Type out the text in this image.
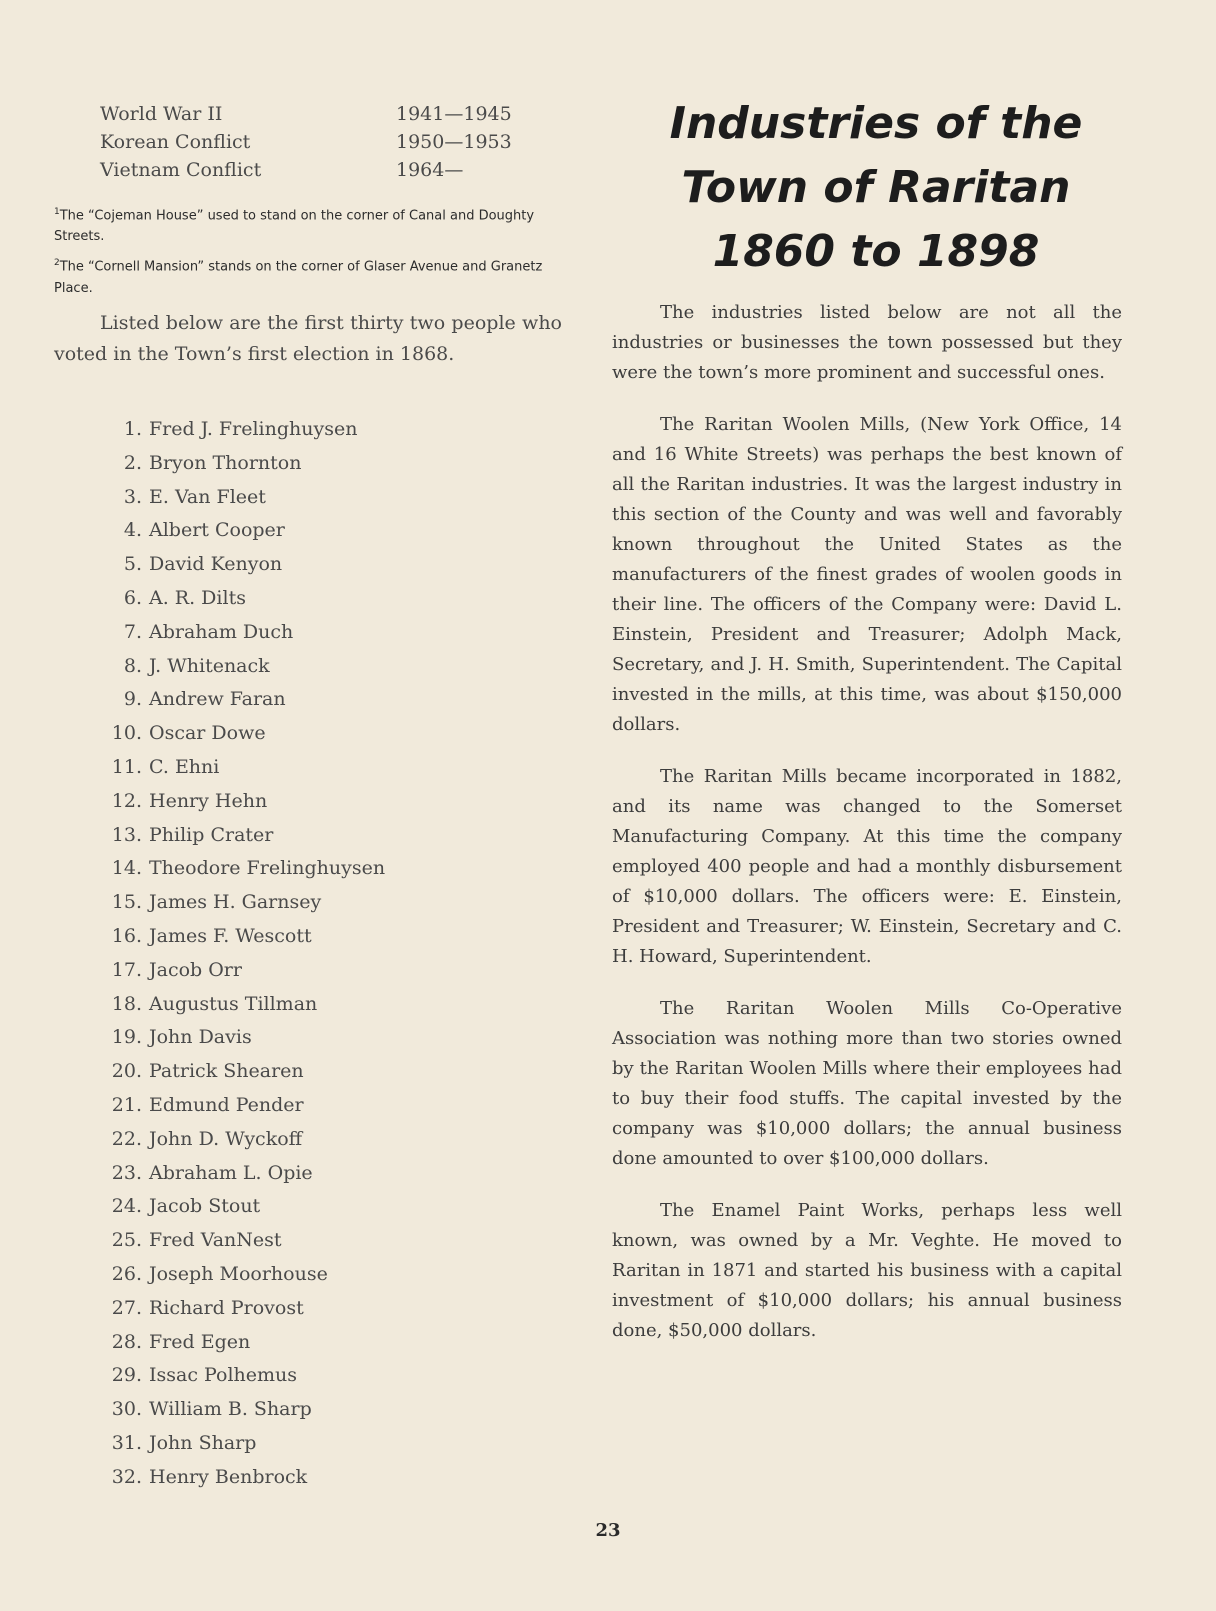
World War II	1941—1945
Korean Conflict	1950—1953
Vietnam Conflict	1964—

$^1$The “Cojeman House” used to stand on the corner of Canal and Doughty Streets.

$^2$The “Cornell Mansion” stands on the corner of Glaser Avenue and Granetz Place.

Listed below are the first thirty two people who voted in the Town’s first election in 1868.

1. Fred J. Frelinghuysen
2. Bryon Thornton
3. E. Van Fleet
4. Albert Cooper
5. David Kenyon
6. A. R. Dilts
7. Abraham Duch
8. J. Whitenack
9. Andrew Faran
10. Oscar Dowe
11. C. Ehni
12. Henry Hehn
13. Philip Crater
14. Theodore Frelinghuysen
15. James H. Garnsey
16. James F. Wescott
17. Jacob Orr
18. Augustus Tillman
19. John Davis
20. Patrick Shearen
21. Edmund Pender
22. John D. Wyckoff
23. Abraham L. Opie
24. Jacob Stout
25. Fred VanNest
26. Joseph Moorhouse
27. Richard Provost
28. Fred Egen
29. Issac Polhemus
30. William B. Sharp
31. John Sharp
32. Henry Benbrock
Industries of the
Town of Raritan
1860 to 1898

The industries listed below are not all the industries or businesses the town possessed but they were the town’s more prominent and successful ones.

The Raritan Woolen Mills, (New York Office, 14 and 16 White Streets) was perhaps the best known of all the Raritan industries. It was the largest industry in this section of the County and was well and favorably known throughout the United States as the manufacturers of the finest grades of woolen goods in their line. The officers of the Company were: David L. Einstein, President and Treasurer; Adolph Mack, Secretary, and J. H. Smith, Superintendent. The Capital invested in the mills, at this time, was about $150,000 dollars.

The Raritan Mills became incorporated in 1882, and its name was changed to the Somerset Manufacturing Company. At this time the company employed 400 people and had a monthly disbursement of $10,000 dollars. The officers were: E. Einstein, President and Treasurer; W. Einstein, Secretary and C. H. Howard, Superintendent.

The Raritan Woolen Mills Co-Operative Association was nothing more than two stories owned by the Raritan Woolen Mills where their employees had to buy their food stuffs. The capital invested by the company was $10,000 dollars; the annual business done amounted to over $100,000 dollars.

The Enamel Paint Works, perhaps less well known, was owned by a Mr. Veghte. He moved to Raritan in 1871 and started his business with a capital investment of $10,000 dollars; his annual business done, $50,000 dollars.

23
